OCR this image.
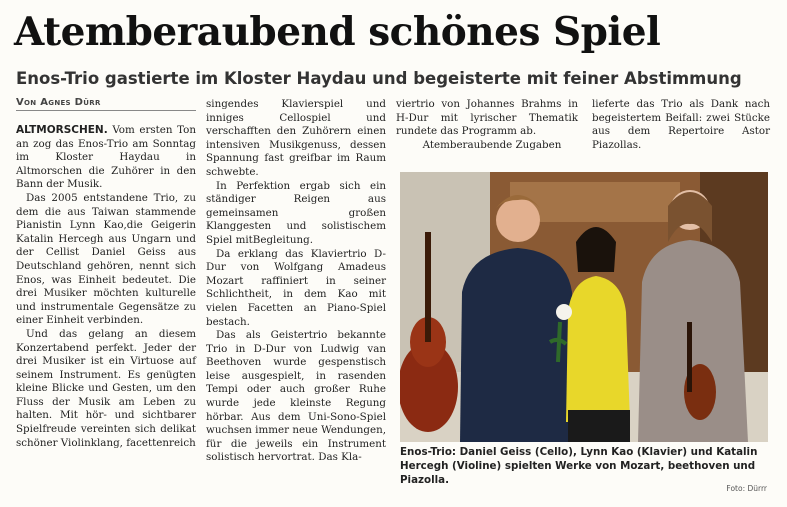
Atemberaubend schönes Spiel
Enos-Trio gastierte im Kloster Haydau und begeisterte mit feiner Abstimmung
Von Agnes Dürr

ALTMORSCHEN. Vom ersten Ton an zog das Enos-Trio am Sonntag im Kloster Haydau in Altmorschen die Zuhörer in den Bann der Musik.

Das 2005 entstandene Trio, zu dem die aus Taiwan stammende Pianistin Lynn Kao,die Geigerin Katalin Hercegh aus Ungarn und der Cellist Daniel Geiss aus Deutschland gehören, nennt sich Enos, was Einheit bedeutet. Die drei Musiker möchten kulturelle und instrumentale Gegensätze zu einer Einheit verbinden.

Und das gelang an diesem Konzertabend perfekt. Jeder der drei Musiker ist ein Virtuose auf seinem Instrument. Es genügten kleine Blicke und Gesten, um den Fluss der Musik am Leben zu halten. Mit hör- und sichtbarer Spielfreude vereinten sich delikat schöner Violinklang, facettenreich

singendes Klavierspiel und inniges Cellospiel und verschafften den Zuhörern einen intensiven Musikgenuss, dessen Spannung fast greifbar im Raum schwebte.

In Perfektion ergab sich ein ständiger Reigen aus gemeinsamen großen Klanggesten und solistischem Spiel mitBegleitung.

Da erklang das Klaviertrio D-Dur von Wolfgang Amadeus Mozart raffiniert in seiner Schlichtheit, in dem Kao mit vielen Facetten an Piano-Spiel bestach.

Das als Geistertrio bekannte Trio in D-Dur von Ludwig van Beethoven wurde gespenstisch leise ausgespielt, in rasenden Tempi oder auch großer Ruhe wurde jede kleinste Regung hörbar. Aus dem Uni-Sono-Spiel wuchsen immer neue Wendungen, für die jeweils ein Instrument solistisch hervortrat. Das Kla-

viertrio von Johannes Brahms in H-Dur mit lyrischer Thematik rundete das Programm ab.

Atemberaubende Zugaben

lieferte das Trio als Dank nach begeistertem Beifall: zwei Stücke aus dem Repertoire Astor Piazollas.

Enos-Trio: Daniel Geiss (Cello), Lynn Kao (Klavier) und Katalin Hercegh (Violine) spielten Werke von Mozart, beethoven und Piazolla.
Foto: Dürrr
